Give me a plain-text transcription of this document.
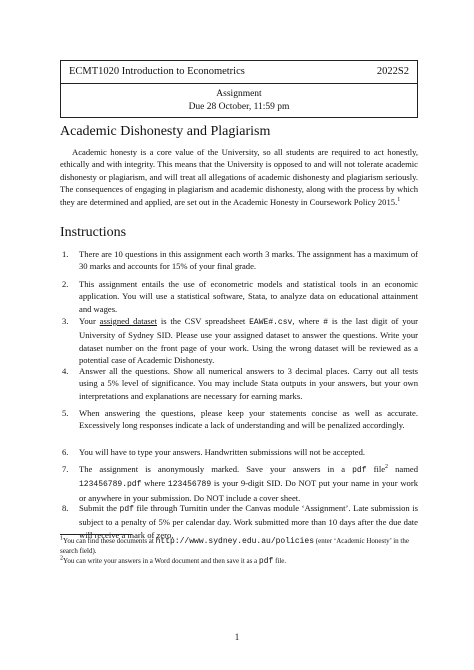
ECMT1020 Introduction to Econometrics	2022S2
Assignment
Due 28 October, 11:59 pm
Academic Dishonesty and Plagiarism

Academic honesty is a core value of the University, so all students are required to act honestly, ethically and with integrity. This means that the University is opposed to and will not tolerate academic dishonesty or plagiarism, and will treat all allegations of academic dishonesty and plagiarism seriously. The consequences of engaging in plagiarism and academic dishonesty, along with the process by which they are determined and applied, are set out in the Academic Honesty in Coursework Policy 2015.$^1$

Instructions
1. There are 10 questions in this assignment each worth 3 marks. The assignment has a maximum of 30 marks and accounts for 15% of your final grade.
2. This assignment entails the use of econometric models and statistical tools in an economic application. You will use a statistical software, Stata, to analyze data on educational attainment and wages.
3. Your assigned dataset is the CSV spreadsheet EAWE#.csv, where # is the last digit of your University of Sydney SID. Please use your assigned dataset to answer the questions. Write your dataset number on the front page of your work. Using the wrong dataset will be reviewed as a potential case of Academic Dishonesty.
4. Answer all the questions. Show all numerical answers to 3 decimal places. Carry out all tests using a 5% level of significance. You may include Stata outputs in your answers, but your own interpretations and explanations are necessary for earning marks.
5. When answering the questions, please keep your statements concise as well as accurate. Excessively long responses indicate a lack of understanding and will be penalized accordingly.
6. You will have to type your answers. Handwritten submissions will not be accepted.
7. The assignment is anonymously marked. Save your answers in a pdf file$^2$ named 123456789.pdf where 123456789 is your 9-digit SID. Do NOT put your name in your work or anywhere in your submission. Do NOT include a cover sheet.
8. Submit the pdf file through Turnitin under the Canvas module ‘Assignment’. Late submission is subject to a penalty of 5% per calendar day. Work submitted more than 10 days after the due date will receive a mark of zero.
$^1$You can find these documents at http://www.sydney.edu.au/policies (enter ‘Academic Honesty’ in the search field).
$^2$You can write your answers in a Word document and then save it as a pdf file.
1
